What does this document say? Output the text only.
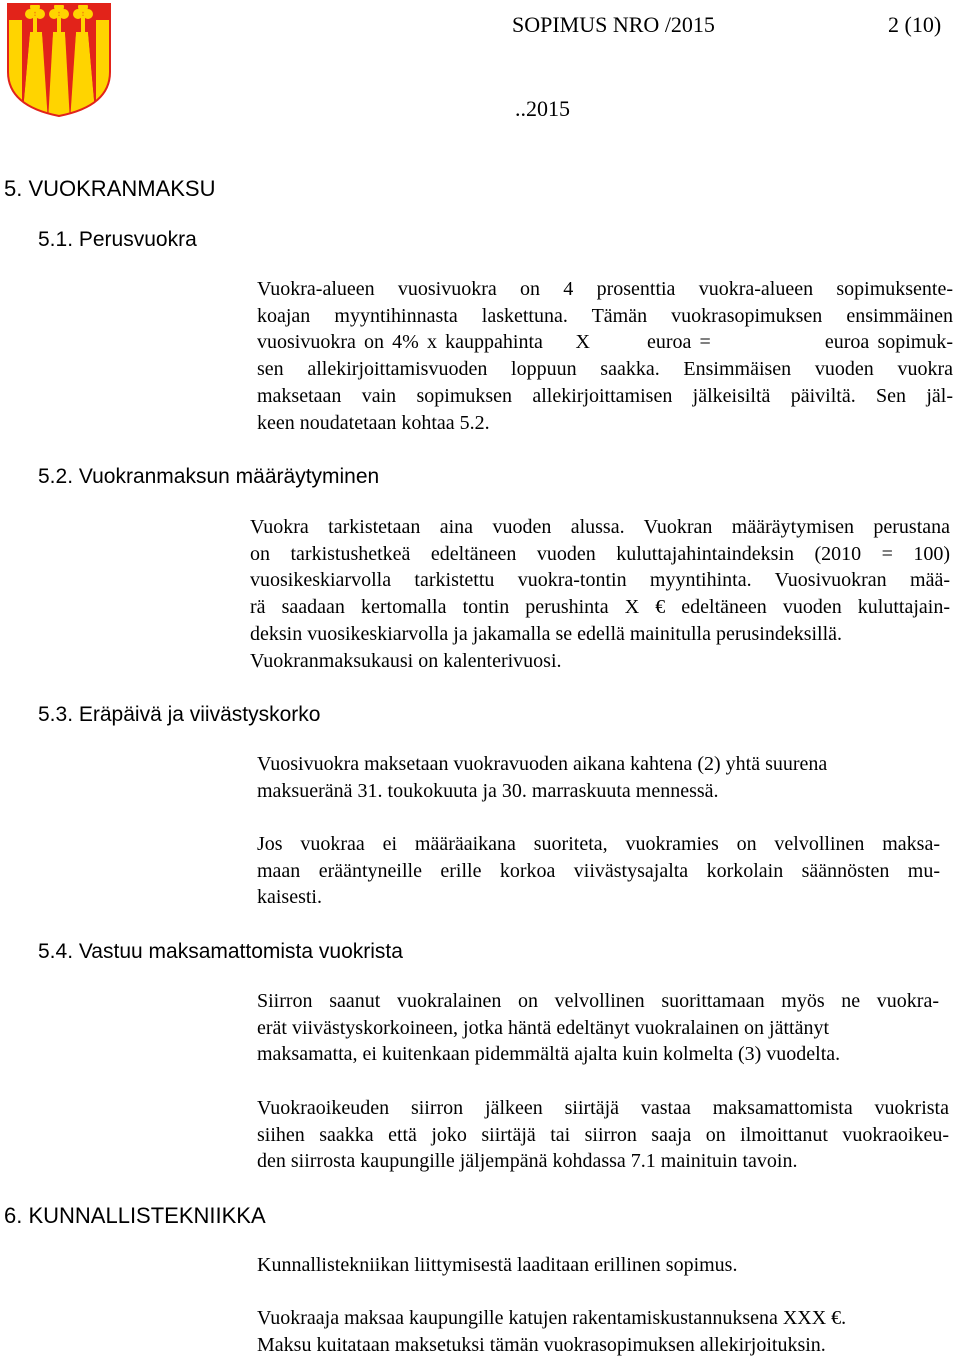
SOPIMUS NRO /2015	2 (10)
..2015
5. VUOKRANMAKSU
5.1. Perusvuokra
5.2. Vuokranmaksun määräytyminen
5.3. Eräpäivä ja viivästyskorko
5.4. Vastuu maksamattomista vuokrista
6. KUNNALLISTEKNIIKKA
Vuokra-alueen vuosivuokra on 4 prosenttia vuokra-alueen sopimuksente-
koajan myyntihinnasta laskettuna. Tämän vuokrasopimuksen ensimmäinen
vuosivuokra on 4% x kauppahinta    X       euroa =              euroa sopimuk-
sen allekirjoittamisvuoden loppuun saakka. Ensimmäisen vuoden vuokra
maksetaan vain sopimuksen allekirjoittamisen jälkeisiltä päiviltä. Sen jäl-
keen noudatetaan kohtaa 5.2.
Vuokra tarkistetaan aina vuoden alussa. Vuokran määräytymisen perustana
on tarkistushetkeä edeltäneen vuoden kuluttajahintaindeksin (2010 = 100)
vuosikeskiarvolla tarkistettu vuokra-tontin myyntihinta. Vuosivuokran mää-
rä saadaan kertomalla tontin perushinta X € edeltäneen vuoden kuluttajain-
deksin vuosikeskiarvolla ja jakamalla se edellä mainitulla perusindeksillä.
Vuokranmaksukausi on kalenterivuosi.
Vuosivuokra maksetaan vuokravuoden aikana kahtena (2) yhtä suurena
maksueränä 31. toukokuuta ja 30. marraskuuta mennessä.
Jos vuokraa ei määräaikana suoriteta, vuokramies on velvollinen maksa-
maan erääntyneille erille korkoa viivästysajalta korkolain säännösten mu-
kaisesti.
Siirron saanut vuokralainen on velvollinen suorittamaan myös ne vuokra-
erät viivästyskorkoineen, jotka häntä edeltänyt vuokralainen on jättänyt
maksamatta, ei kuitenkaan pidemmältä ajalta kuin kolmelta (3) vuodelta.
Vuokraoikeuden siirron jälkeen siirtäjä vastaa maksamattomista vuokrista
siihen saakka että joko siirtäjä tai siirron saaja on ilmoittanut vuokraoikeu-
den siirrosta kaupungille jäljempänä kohdassa 7.1 mainituin tavoin.
Kunnallistekniikan liittymisestä laaditaan erillinen sopimus.
Vuokraaja maksaa kaupungille katujen rakentamiskustannuksena XXX €.
Maksu kuitataan maksetuksi tämän vuokrasopimuksen allekirjoituksin.
